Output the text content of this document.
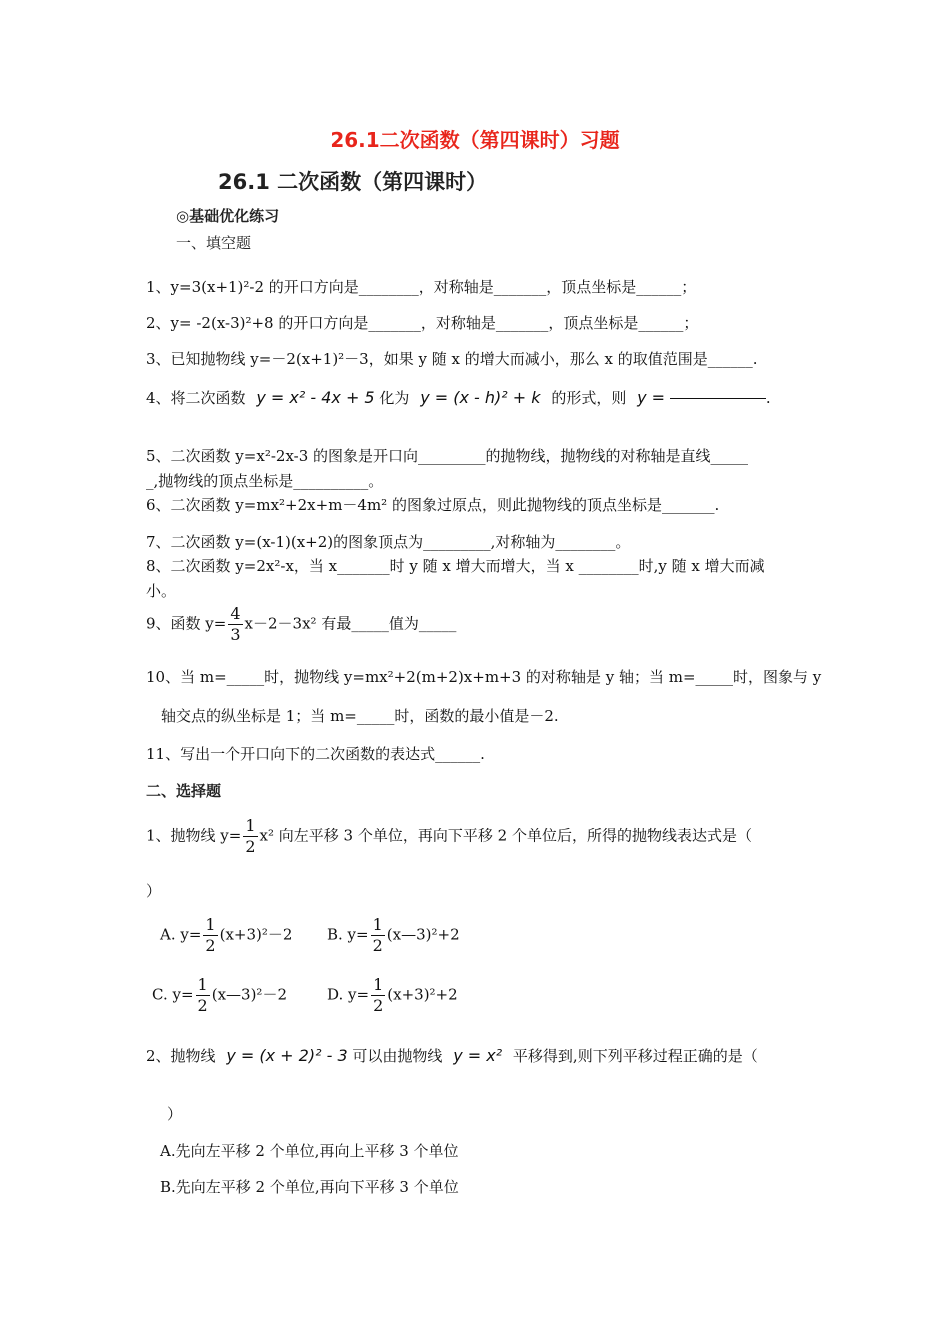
26.1二次函数（第四课时）习题
26.1 二次函数（第四课时）
◎基础优化练习
一、填空题
1、y=3(x+1)²-2 的开口方向是________，对称轴是_______，顶点坐标是______；
2、y= -2(x-3)²+8 的开口方向是_______，对称轴是_______，顶点坐标是______；
3、已知抛物线 y=－2(x+1)²－3，如果 y 随 x 的增大而减小，那么 x 的取值范围是______.
4、将二次函数 y = x² - 4x + 5 化为 y = (x - h)² + k 的形式，则 y =	.
5、二次函数 y=x²-2x-3 的图象是开口向_________的抛物线，抛物线的对称轴是直线_____
_,抛物线的顶点坐标是__________。
6、二次函数 y=mx²+2x+m－4m² 的图象过原点，则此抛物线的顶点坐标是_______.
7、二次函数 y=(x-1)(x+2)的图象顶点为_________,对称轴为________。
8、二次函数 y=2x²-x，当 x_______时 y 随 x 增大而增大，当 x ________时,y 随 x 增大而减
小。
9、函数 $y= \frac{4}{3} x-2-3x^2$ 有最_____值为_____
10、当 m=_____时，抛物线 y=mx²+2(m+2)x+m+3 的对称轴是 y 轴；当 m=_____时，图象与 y
轴交点的纵坐标是 1；当 m=_____时，函数的最小值是－2.
11、写出一个开口向下的二次函数的表达式______.
二、选择题
1、抛物线 $y= \frac{1}{2} x^2$ 向左平移 3 个单位，再向下平移 2 个单位后，所得的抛物线表达式是（
）
A. $y= \frac{1}{2} (x+3)^2-2$ B. $y= \frac{1}{2}$ (x—3)²+2
C. $y= \frac{1}{2}$ (x—3)²－2	D. $y= \frac{1}{2} (x+3)^2+2$
2、抛物线 y = (x + 2)² - 3 可以由抛物线 y = x² 平移得到,则下列平移过程正确的是（
）
A.先向左平移 2 个单位,再向上平移 3 个单位
B.先向左平移 2 个单位,再向下平移 3 个单位
